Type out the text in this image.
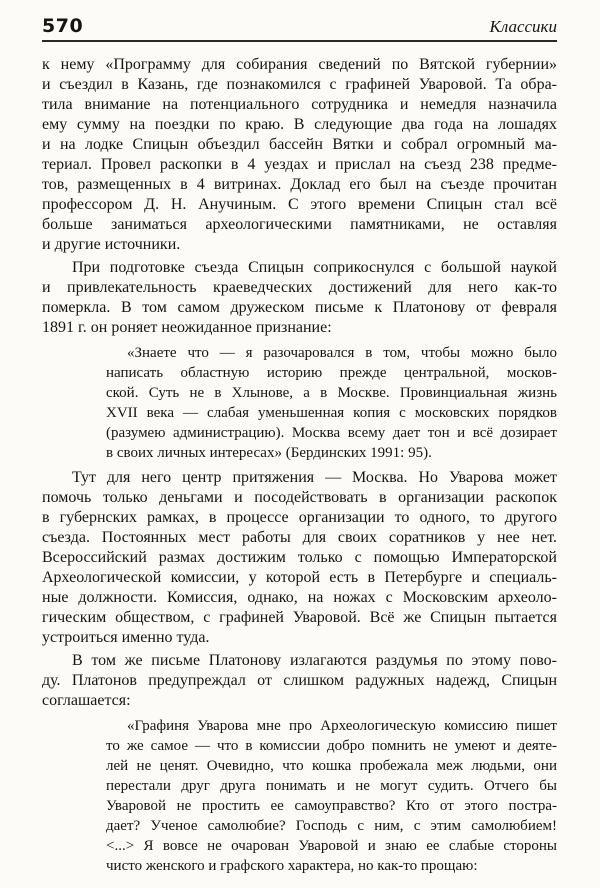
570	Классики
к нему «Программу для собирания сведений по Вятской губернии»
и съездил в Казань, где познакомился с графиней Уваровой. Та обра-
тила внимание на потенциального сотрудника и немедля назначила
ему сумму на поездки по краю. В следующие два года на лошадях
и на лодке Спицын объездил бассейн Вятки и собрал огромный ма-
териал. Провел раскопки в 4 уездах и прислал на съезд 238 предме-
тов, размещенных в 4 витринах. Доклад его был на съезде прочитан
профессором Д. Н. Анучиным. С этого времени Спицын стал всё
больше заниматься археологическими памятниками, не оставляя
и другие источники.
При подготовке съезда Спицын соприкоснулся с большой наукой
и привлекательность краеведческих достижений для него как-то
померкла. В том самом дружеском письме к Платонову от февраля
1891 г. он роняет неожиданное признание:
«Знаете что — я разочаровался в том, чтобы можно было
написать областную историю прежде центральной, москов-
ской. Суть не в Хлынове, а в Москве. Провинциальная жизнь
XVII века — слабая уменьшенная копия с московских порядков
(разумею администрацию). Москва всему дает тон и всё дозирает
в своих личных интересах» (Бердинских 1991: 95).
Тут для него центр притяжения — Москва. Но Уварова может
помочь только деньгами и посодействовать в организации раскопок
в губернских рамках, в процессе организации то одного, то другого
съезда. Постоянных мест работы для своих соратников у нее нет.
Всероссийский размах достижим только с помощью Императорской
Археологической комиссии, у которой есть в Петербурге и специаль-
ные должности. Комиссия, однако, на ножах с Московским археоло-
гическим обществом, с графиней Уваровой. Всё же Спицын пытается
устроиться именно туда.
В том же письме Платонову излагаются раздумья по этому пово-
ду. Платонов предупреждал от слишком радужных надежд, Спицын
соглашается:
«Графиня Уварова мне про Археологическую комиссию пишет
то же самое — что в комиссии добро помнить не умеют и деяте-
лей не ценят. Очевидно, что кошка пробежала меж людьми, они
перестали друг друга понимать и не могут судить. Отчего бы
Уваровой не простить ее самоуправство? Кто от этого постра-
дает? Ученое самолюбие? Господь с ним, с этим самолюбием!
<...> Я вовсе не очарован Уваровой и знаю ее слабые стороны
чисто женского и графского характера, но как-то прощаю:
